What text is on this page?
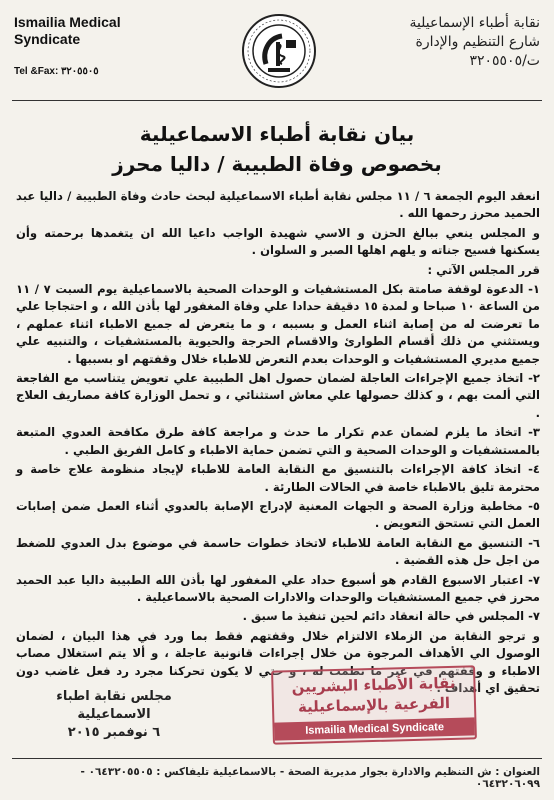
Ismailia Medical
Syndicate
Tel &Fax: ٣٢٠٥٥٠٥
نقابة أطباء الإسماعيلية
شارع التنظيم والإدارة
ت/٣٢٠٥٥٠٥
بيان نقابة أطباء الاسماعيلية
بخصوص وفاة الطبيبة / داليا محرز

انعقد اليوم الجمعة ٦ / ١١ مجلس نقابة أطباء الاسماعيلية لبحث حادث وفاة الطبيبة / داليا عبد الحميد محرز رحمها الله .

و المجلس ينعي ببالغ الحزن و الاسي شهيدة الواجب داعيا الله ان يتغمدها برحمته وأن يسكنها فسيح جناته و يلهم اهلها الصبر و السلوان .

قرر المجلس الآتي :

١- الدعوة لوقفة صامتة بكل المستشفيات و الوحدات الصحية بالاسماعيلية يوم السبت ٧ / ١١ من الساعة ١٠ صباحا و لمدة ١٥ دقيقة حدادا علي وفاة المغفور لها بأذن الله ، و احتجاجا علي ما تعرضت له من إصابة اثناء العمل و بسببه ، و ما يتعرض له جميع الاطباء اثناء عملهم ، ويستثني من ذلك أقسام الطوارئ والاقسام الحرجة والحيوية بالمستشفيات ، والتنبيه علي جميع مديري المستشفيات و الوحدات بعدم التعرض للاطباء خلال وقفتهم او بسببها .

٢- اتخاذ جميع الإجراءات العاجلة لضمان حصول اهل الطبيبة علي تعويض يتناسب مع الفاجعة التي ألمت بهم ، و كذلك حصولها علي معاش استثنائي ، و تحمل الوزارة كافة مصاريف العلاج .

٣- اتخاذ ما يلزم لضمان عدم تكرار ما حدث و مراجعة كافة طرق مكافحة العدوي المتبعة بالمستشفيات و الوحدات الصحية و التي تضمن حماية الاطباء و كامل الفريق الطبي .

٤- اتخاذ كافة الإجراءات بالتنسيق مع النقابة العامة للاطباء لإيجاد منظومة علاج خاصة و محترمة تليق بالاطباء خاصة في الحالات الطارئة .

٥- مخاطبة وزارة الصحة و الجهات المعنية لإدراج الإصابة بالعدوي أثناء العمل ضمن إصابات العمل التي تستحق التعويض .

٦- التنسيق مع النقابة العامة للاطباء لاتخاذ خطوات حاسمة في موضوع بدل العدوي للضغط من اجل حل هذه القضية .

٧- اعتبار الاسبوع القادم هو أسبوع حداد علي المغفور لها بأذن الله الطبيبة داليا عبد الحميد محرز في جميع المستشفيات والوحدات والادارات الصحية بالاسماعيلية .

٧- المجلس في حالة انعقاد دائم لحين تنفيذ ما سبق .

و ترجو النقابة من الزملاء الالتزام خلال وقفتهم فقط بما ورد في هذا البيان ، لضمان الوصول الي الأهداف المرجوة من خلال إجراءات قانونية عاجلة ، و ألا يتم استغلال مصاب الاطباء و وقفتهم في غير ما نظمت له ، و حتي لا يكون تحركنا مجرد رد فعل غاضب دون تحقيق اي أهداف .

مجلس نقابة اطباء الاسماعيلية
٦ نوفمبر ٢٠١٥
نقابة الأطباء البشريين
الفرعية بالإسماعيلية
Ismailia Medical Syndicate
العنوان : ش التنظيم والادارة بجوار مديرية الصحة - بالاسماعيلية تليفاكس : ٠٦٤٣٢٠٥٥٠٥ - ٠٦٤٣٢٠٦٠٩٩
